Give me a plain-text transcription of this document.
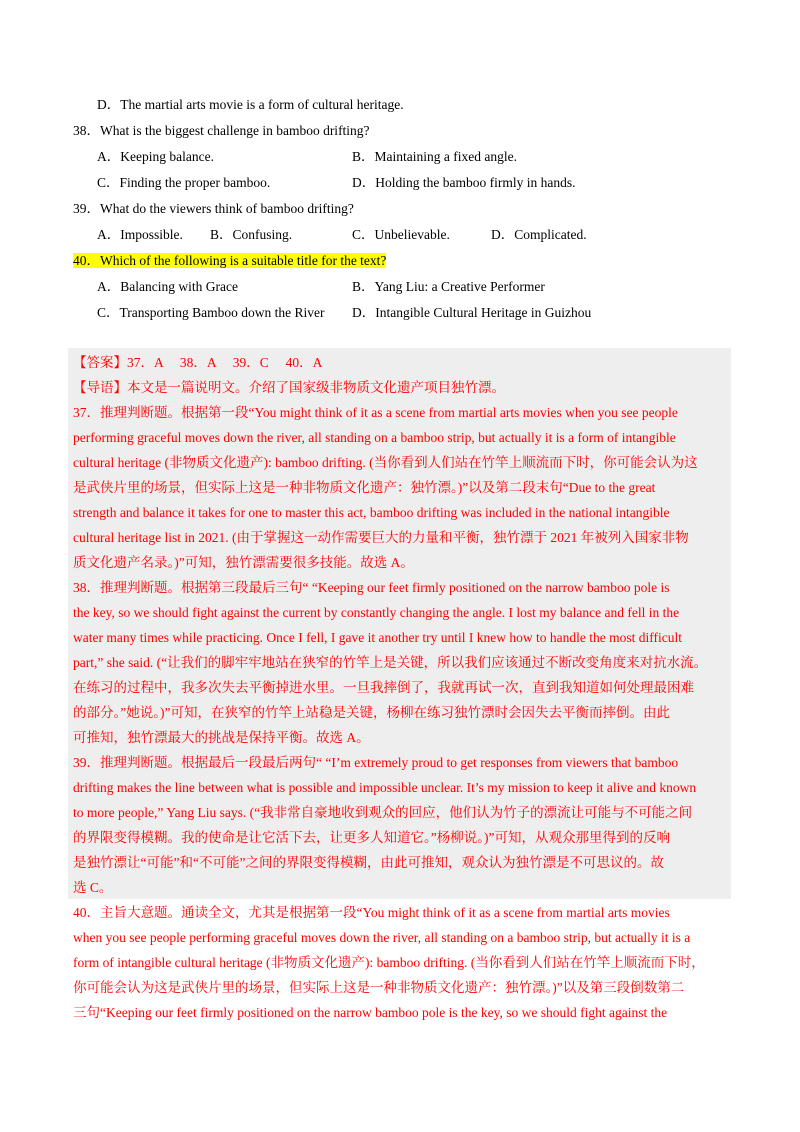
D．The martial arts movie is a form of cultural heritage.
38．What is the biggest challenge in bamboo drifting?
A．Keeping balance.	B．Maintaining a fixed angle.
C．Finding the proper bamboo.	D．Holding the bamboo firmly in hands.
39．What do the viewers think of bamboo drifting?
A．Impossible. B．Confusing.	C．Unbelievable.	D．Complicated.
40．Which of the following is a suitable title for the text?
A．Balancing with Grace	B．Yang Liu: a Creative Performer
C．Transporting Bamboo down the River D．Intangible Cultural Heritage in Guizhou
【答案】37．A　 38．A　 39．C　 40．A
【导语】本文是一篇说明文。介绍了国家级非物质文化遗产项目独竹漂。
37．推理判断题。根据第一段“You might think of it as a scene from martial arts movies when you see people
performing graceful moves down the river, all standing on a bamboo strip, but actually it is a form of intangible
cultural heritage (非物质文化遗产): bamboo drifting. (当你看到人们站在竹竿上顺流而下时，你可能会认为这
是武侠片里的场景，但实际上这是一种非物质文化遗产：独竹漂。)”以及第二段末句“Due to the great
strength and balance it takes for one to master this act, bamboo drifting was included in the national intangible
cultural heritage list in 2021. (由于掌握这一动作需要巨大的力量和平衡，独竹漂于 2021 年被列入国家非物
质文化遗产名录。)”可知，独竹漂需要很多技能。故选 A。
38．推理判断题。根据第三段最后三句“ “Keeping our feet firmly positioned on the narrow bamboo pole is
the key, so we should fight against the current by constantly changing the angle. I lost my balance and fell in the
water many times while practicing. Once I fell, I gave it another try until I knew how to handle the most difficult
part,” she said. (“让我们的脚牢牢地站在狭窄的竹竿上是关键，所以我们应该通过不断改变角度来对抗水流。
在练习的过程中，我多次失去平衡掉进水里。一旦我摔倒了，我就再试一次，直到我知道如何处理最困难
的部分。”她说。)”可知，在狭窄的竹竿上站稳是关键，杨柳在练习独竹漂时会因失去平衡而摔倒。由此
可推知，独竹漂最大的挑战是保持平衡。故选 A。
39．推理判断题。根据最后一段最后两句“ “I’m extremely proud to get responses from viewers that bamboo
drifting makes the line between what is possible and impossible unclear. It’s my mission to keep it alive and known
to more people,” Yang Liu says. (“我非常自豪地收到观众的回应，他们认为竹子的漂流让可能与不可能之间
的界限变得模糊。我的使命是让它活下去，让更多人知道它。”杨柳说。)”可知，从观众那里得到的反响
是独竹漂让“可能”和“不可能”之间的界限变得模糊，由此可推知，观众认为独竹漂是不可思议的。故
选 C。
40．主旨大意题。通读全文，尤其是根据第一段“You might think of it as a scene from martial arts movies
when you see people performing graceful moves down the river, all standing on a bamboo strip, but actually it is a
form of intangible cultural heritage (非物质文化遗产): bamboo drifting. (当你看到人们站在竹竿上顺流而下时，
你可能会认为这是武侠片里的场景，但实际上这是一种非物质文化遗产：独竹漂。)”以及第三段倒数第二
三句“Keeping our feet firmly positioned on the narrow bamboo pole is the key, so we should fight against the
